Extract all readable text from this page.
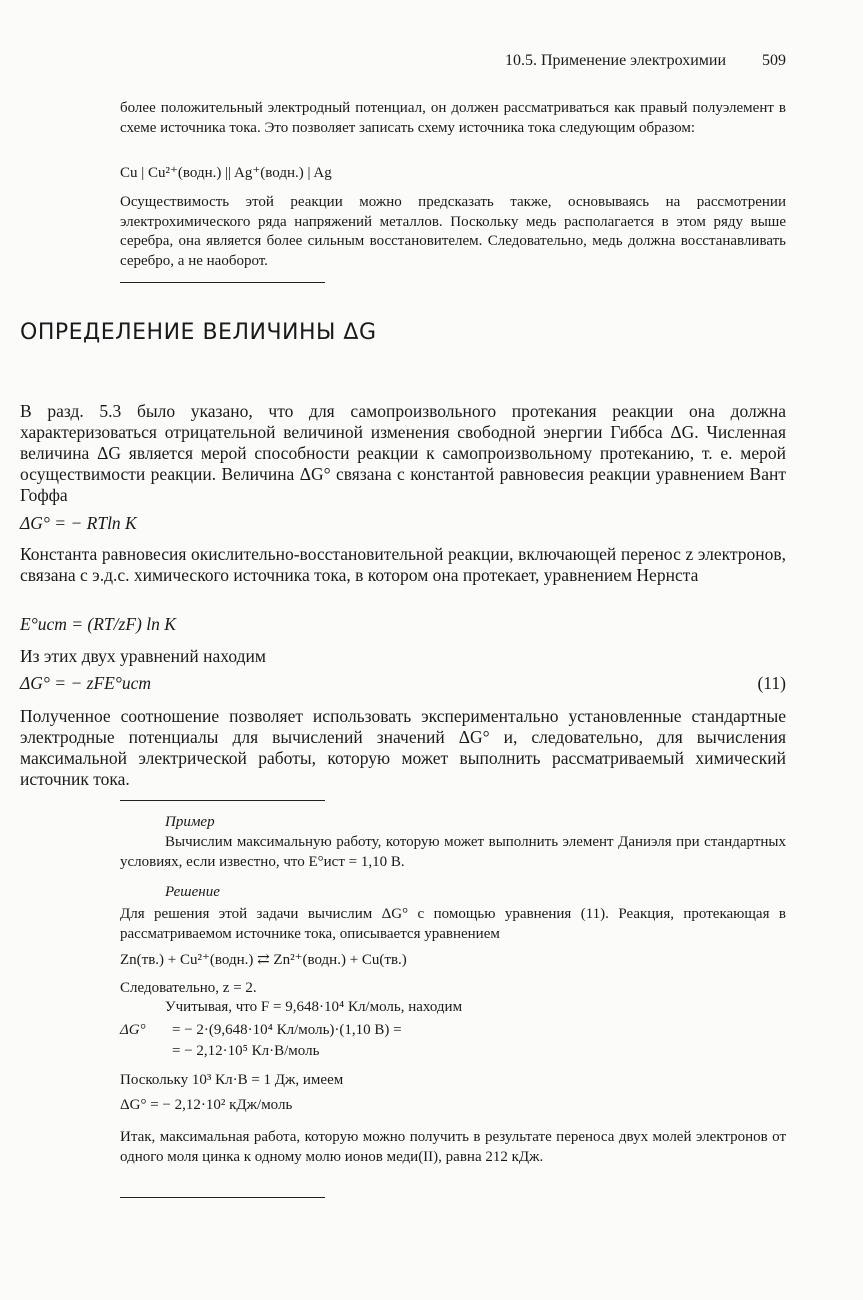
10.5. Применение электрохимии 509
более положительный электродный потенциал, он должен рассматриваться как правый полуэлемент в схеме источника тока. Это позволяет записать схему источника тока следующим образом:
Cu | Cu²⁺(водн.) || Ag⁺(водн.) | Ag
Осуществимость этой реакции можно предсказать также, основываясь на рассмотрении электрохимического ряда напряжений металлов. Поскольку медь располагается в этом ряду выше серебра, она является более сильным восстановителем. Следовательно, медь должна восстанавливать серебро, а не наоборот.
ОПРЕДЕЛЕНИЕ ВЕЛИЧИНЫ ΔG
В разд. 5.3 было указано, что для самопроизвольного протекания реакции она должна характеризоваться отрицательной величиной изменения свободной энергии Гиббса ΔG. Численная величина ΔG является мерой способности реакции к самопроизвольному протеканию, т. е. мерой осуществимости реакции. Величина ΔG° связана с константой равновесия реакции уравнением Вант Гоффа
ΔG° = − RTln K
Константа равновесия окислительно-восстановительной реакции, включающей перенос z электронов, связана с э.д.с. химического источника тока, в котором она протекает, уравнением Нернста
E°ист = (RT/zF) ln K
Из этих двух уравнений находим
ΔG° = − zFE°ист	(11)
Полученное соотношение позволяет использовать экспериментально установленные стандартные электродные потенциалы для вычислений значений ΔG° и, следовательно, для вычисления максимальной электрической работы, которую может выполнить рассматриваемый химический источник тока.
Пример
Вычислим максимальную работу, которую может выполнить элемент Даниэля при стандартных условиях, если известно, что E°ист = 1,10 В.
Решение
Для решения этой задачи вычислим ΔG° с помощью уравнения (11). Реакция, протекающая в рассматриваемом источнике тока, описывается уравнением
Zn(тв.) + Cu²⁺(водн.) ⇄ Zn²⁺(водн.) + Cu(тв.)
Следовательно, z = 2.
Учитывая, что F = 9,648·10⁴ Кл/моль, находим
ΔG° = − 2·(9,648·10⁴ Кл/моль)·(1,10 В) =
= − 2,12·10⁵ Кл·В/моль
Поскольку 10³ Кл·В = 1 Дж, имеем
ΔG° = − 2,12·10² кДж/моль
Итак, максимальная работа, которую можно получить в результате переноса двух молей электронов от одного моля цинка к одному молю ионов меди(II), равна 212 кДж.
